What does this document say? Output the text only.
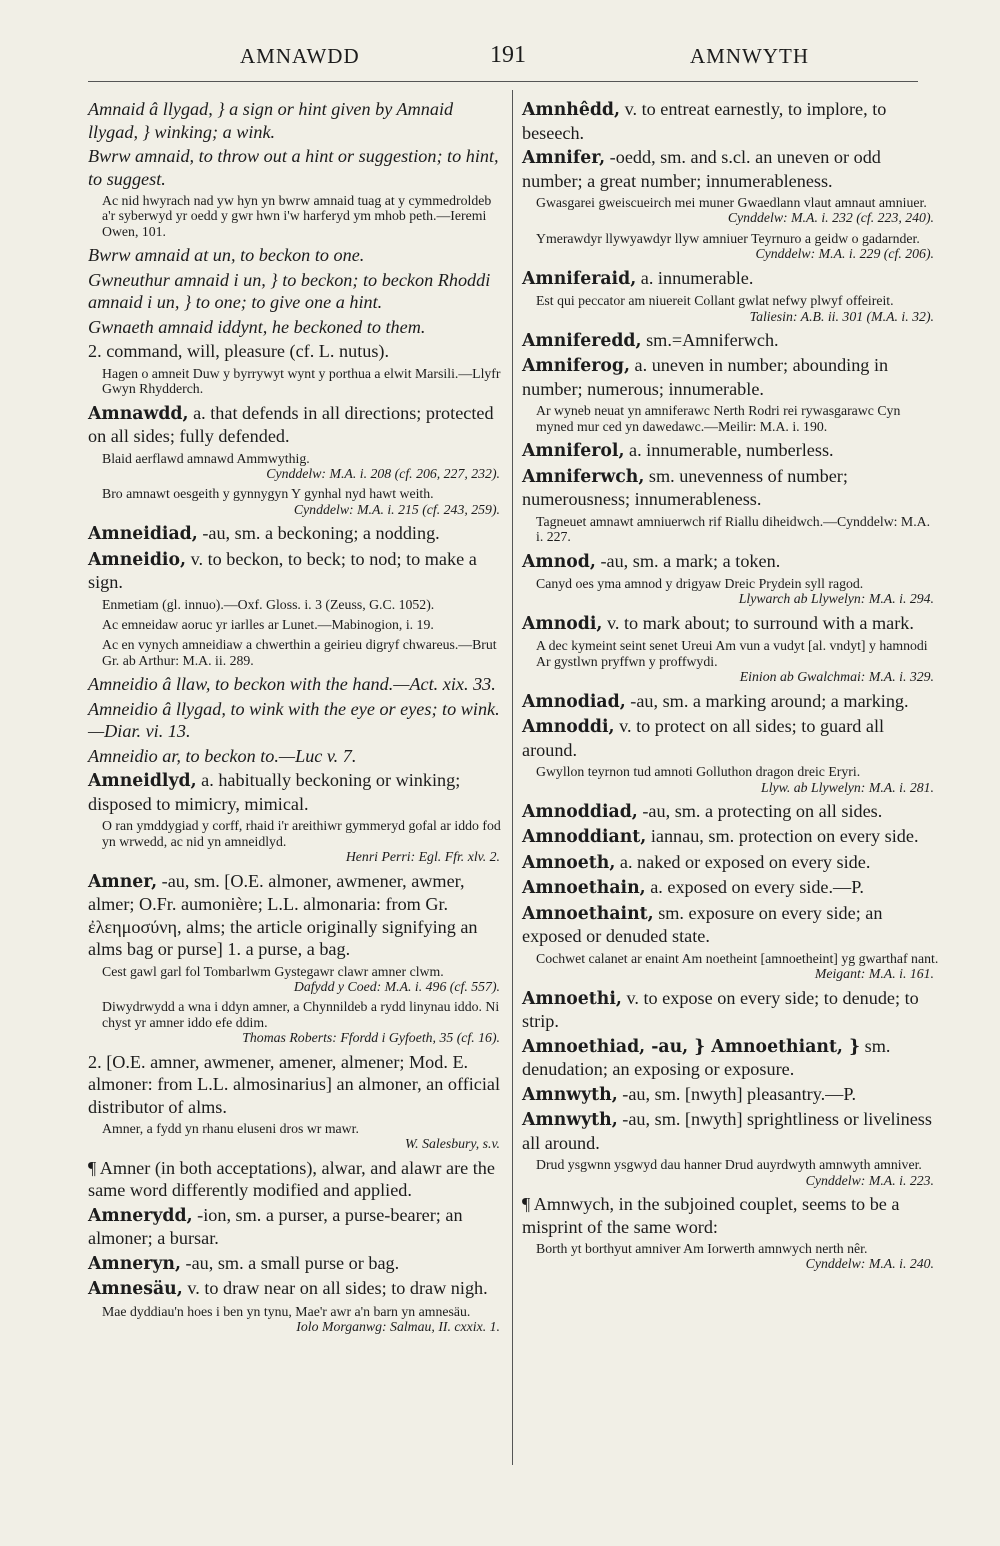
AMNAWDD	191	AMNWYTH
Amnaid â llygad, } a sign or hint given by Amnaid llygad, } winking; a wink.
Bwrw amnaid, to throw out a hint or suggestion; to hint, to suggest.
Ac nid hwyrach nad yw hyn yn bwrw amnaid tuag at y cymmedroldeb a'r syberwyd yr oedd y gwr hwn i'w harferyd ym mhob peth.—Ieremi Owen, 101.
Bwrw amnaid at un, to beckon to one.
Gwneuthur amnaid i un, } to beckon; to beckon Rhoddi amnaid i un, } to one; to give one a hint.
Gwnaeth amnaid iddynt, he beckoned to them.
2. command, will, pleasure (cf. L. nutus).
Hagen o amneit Duw y byrrywyt wynt y porthua a elwit Marsili.—Llyfr Gwyn Rhydderch.
Amnawdd, a. that defends in all directions; protected on all sides; fully defended.
Blaid aerflawd amnawd Ammwythig.
Cynddelw: M.A. i. 208 (cf. 206, 227, 232).
Bro amnawt oesgeith y gynnygyn Y gynhal nyd hawt weith.
Cynddelw: M.A. i. 215 (cf. 243, 259).
Amneidiad, -au, sm. a beckoning; a nodding.
Amneidio, v. to beckon, to beck; to nod; to make a sign.
Enmetiam (gl. innuo).—Oxf. Gloss. i. 3 (Zeuss, G.C. 1052).
Ac emneidaw aoruc yr iarlles ar Lunet.—Mabinogion, i. 19.
Ac en vynych amneidiaw a chwerthin a geirieu digryf chwareus.—Brut Gr. ab Arthur: M.A. ii. 289.
Amneidio â llaw, to beckon with the hand.—Act. xix. 33.
Amneidio â llygad, to wink with the eye or eyes; to wink.—Diar. vi. 13.
Amneidio ar, to beckon to.—Luc v. 7.
Amneidlyd, a. habitually beckoning or winking; disposed to mimicry, mimical.
O ran ymddygiad y corff, rhaid i'r areithiwr gymmeryd gofal ar iddo fod yn wrwedd, ac nid yn amneidlyd.
Henri Perri: Egl. Ffr. xlv. 2.
Amner, -au, sm. [O.E. almoner, awmener, awmer, almer; O.Fr. aumonière; L.L. almonaria: from Gr. ἐλεημοσύνη, alms; the article originally signifying an alms bag or purse] 1. a purse, a bag.
Cest gawl garl fol Tombarlwm Gystegawr clawr amner clwm.
Dafydd y Coed: M.A. i. 496 (cf. 557).
Diwydrwydd a wna i ddyn amner, a Chynnildeb a rydd linynau iddo. Ni chyst yr amner iddo efe ddim.
Thomas Roberts: Ffordd i Gyfoeth, 35 (cf. 16).
2. [O.E. amner, awmener, amener, almener; Mod. E. almoner: from L.L. almosinarius] an almoner, an official distributor of alms.
Amner, a fydd yn rhanu eluseni dros wr mawr.
W. Salesbury, s.v.
¶ Amner (in both acceptations), alwar, and alawr are the same word differently modified and applied.
Amnerydd, -ion, sm. a purser, a purse-bearer; an almoner; a bursar.
Amneryn, -au, sm. a small purse or bag.
Amnesäu, v. to draw near on all sides; to draw nigh.
Mae dyddiau'n hoes i ben yn tynu, Mae'r awr a'n barn yn amnesäu.
Iolo Morganwg: Salmau, II. cxxix. 1.
Amnhêdd, v. to entreat earnestly, to implore, to beseech.
Amnifer, -oedd, sm. and s.cl. an uneven or odd number; a great number; innumerableness.
Gwasgarei gweiscueirch mei muner Gwaedlann vlaut amnaut amniuer.
Cynddelw: M.A. i. 232 (cf. 223, 240).
Ymerawdyr llywyawdyr llyw amniuer Teyrnuro a geidw o gadarnder.
Cynddelw: M.A. i. 229 (cf. 206).
Amniferaid, a. innumerable.
Est qui peccator am niuereit Collant gwlat nefwy plwyf offeireit.
Taliesin: A.B. ii. 301 (M.A. i. 32).
Amniferedd, sm.=Amniferwch.
Amniferog, a. uneven in number; abounding in number; numerous; innumerable.
Ar wyneb neuat yn amniferawc Nerth Rodri rei rywasgarawc Cyn myned mur ced yn dawedawc.—Meilir: M.A. i. 190.
Amniferol, a. innumerable, numberless.
Amniferwch, sm. unevenness of number; numerousness; innumerableness.
Tagneuet amnawt amniuerwch rif Riallu diheidwch.—Cynddelw: M.A. i. 227.
Amnod, -au, sm. a mark; a token.
Canyd oes yma amnod y drigyaw Dreic Prydein syll ragod.
Llywarch ab Llywelyn: M.A. i. 294.
Amnodi, v. to mark about; to surround with a mark.
A dec kymeint seint senet Ureui Am vun a vudyt [al. vndyt] y hamnodi Ar gystlwn pryffwn y proffwydi.
Einion ab Gwalchmai: M.A. i. 329.
Amnodiad, -au, sm. a marking around; a marking.
Amnoddi, v. to protect on all sides; to guard all around.
Gwyllon teyrnon tud amnoti Golluthon dragon dreic Eryri.
Llyw. ab Llywelyn: M.A. i. 281.
Amnoddiad, -au, sm. a protecting on all sides.
Amnoddiant, iannau, sm. protection on every side.
Amnoeth, a. naked or exposed on every side.
Amnoethain, a. exposed on every side.—P.
Amnoethaint, sm. exposure on every side; an exposed or denuded state.
Cochwet calanet ar enaint Am noetheint [amnoetheint] yg gwarthaf nant.
Meigant: M.A. i. 161.
Amnoethi, v. to expose on every side; to denude; to strip.
Amnoethiad, -au, } Amnoethiant, } sm. denudation; an exposing or exposure.
Amnwyth, -au, sm. [nwyth] pleasantry.—P.
Amnwyth, -au, sm. [nwyth] sprightliness or liveliness all around.
Drud ysgwnn ysgwyd dau hanner Drud auyrdwyth amnwyth amniver.
Cynddelw: M.A. i. 223.
¶ Amnwych, in the subjoined couplet, seems to be a misprint of the same word:
Borth yt borthyut amniver Am Iorwerth amnwych nerth nêr.
Cynddelw: M.A. i. 240.
